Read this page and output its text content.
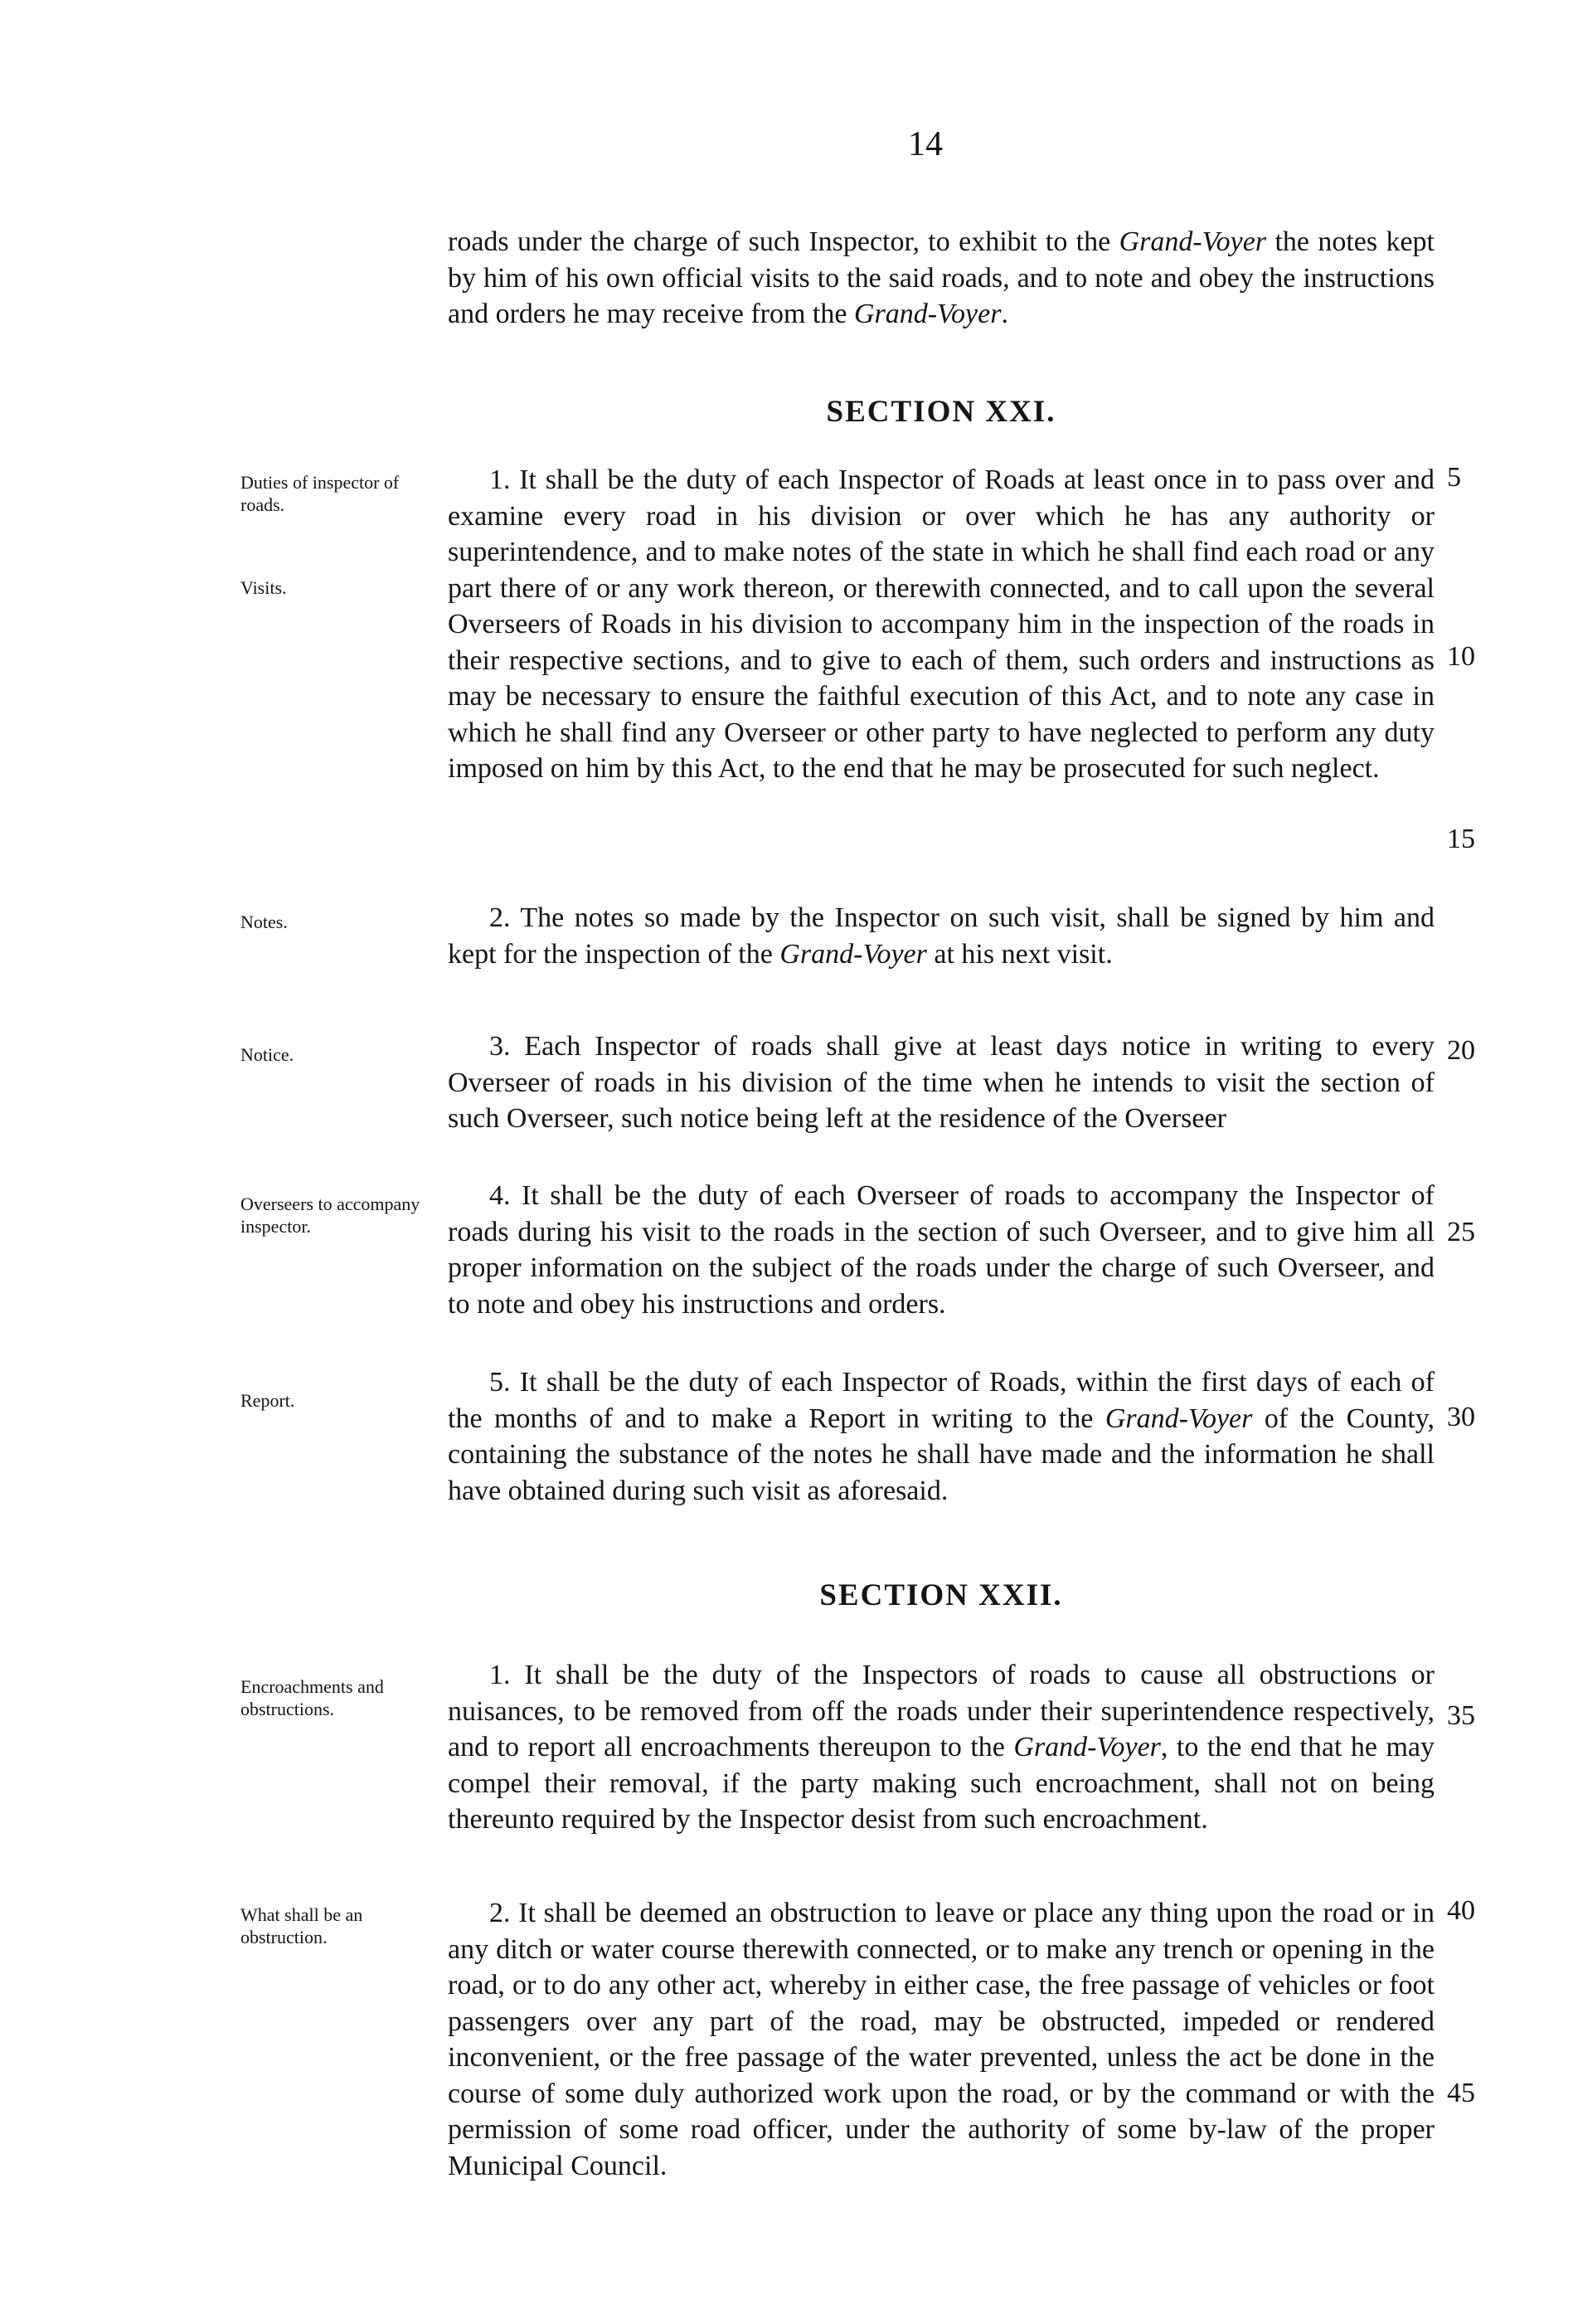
14

roads under the charge of such Inspector, to exhibit to the Grand-Voyer the notes kept by him of his own official visits to the said roads, and to note and obey the instructions and orders he may receive from the Grand-Voyer.

SECTION XXI.

Duties of inspector of roads.

Visits.

1. It shall be the duty of each Inspector of Roads at least once in to pass over and examine every road in his division or over which he has any authority or superintendence, and to make notes of the state in which he shall find each road or any part there of or any work thereon, or therewith connected, and to call upon the several Overseers of Roads in his division to accompany him in the inspection of the roads in their respective sections, and to give to each of them, such orders and instructions as may be necessary to ensure the faithful execution of this Act, and to note any case in which he shall find any Overseer or other party to have neglected to perform any duty imposed on him by this Act, to the end that he may be prosecuted for such neglect.

Notes.	2. The notes so made by the Inspector on such visit, shall be signed by him and kept for the inspection of the Grand-Voyer at his next visit.

Notice.	3. Each Inspector of roads shall give at least days notice in writing to every Overseer of roads in his division of the time when he intends to visit the section of such Overseer, such notice being left at the residence of the Overseer

Overseers to accompany inspector.

4. It shall be the duty of each Overseer of roads to accompany the Inspector of roads during his visit to the roads in the section of such Overseer, and to give him all proper information on the subject of the roads under the charge of such Overseer, and to note and obey his instructions and orders.

Report.

5. It shall be the duty of each Inspector of Roads, within the first days of each of the months of and to make a Report in writing to the Grand-Voyer of the County, containing the substance of the notes he shall have made and the information he shall have obtained during such visit as aforesaid.

SECTION XXII.

Encroachments and obstructions.

1. It shall be the duty of the Inspectors of roads to cause all obstructions or nuisances, to be removed from off the roads under their superintendence respectively, and to report all encroachments thereupon to the Grand-Voyer, to the end that he may compel their removal, if the party making such encroachment, shall not on being thereunto required by the Inspector desist from such encroachment.

What shall be an obstruction.

2. It shall be deemed an obstruction to leave or place any thing upon the road or in any ditch or water course therewith connected, or to make any trench or opening in the road, or to do any other act, whereby in either case, the free passage of vehicles or foot passengers over any part of the road, may be obstructed, impeded or rendered inconvenient, or the free passage of the water prevented, unless the act be done in the course of some duly authorized work upon the road, or by the command or with the permission of some road officer, under the authority of some by-law of the proper Municipal Council.

5

10

15

20

25

30

35

40

45
